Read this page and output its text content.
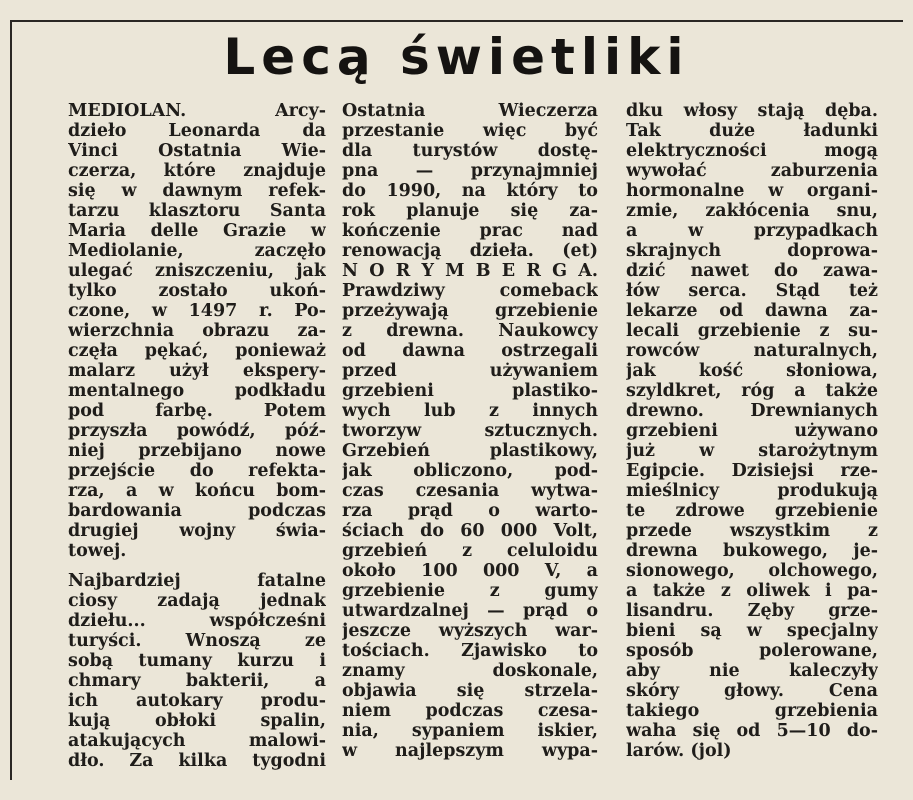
Lecą świetliki
MEDIOLAN.	Arcy-
dzieło Leonarda da
Vinci Ostatnia Wie-
czerza, które znajduje
się w dawnym refek-
tarzu klasztoru Santa
Maria delle Grazie w
Mediolanie,	zaczęło
ulegać zniszczeniu, jak
tylko zostało ukoń-
czone, w 1497 r. Po-
wierzchnia obrazu za-
częła pękać, ponieważ
malarz użył ekspery-
mentalnego	podkładu
pod	farbę.	Potem
przyszła powódź, póź-
niej przebijano nowe
przejście do refekta-
rza, a w końcu bom-
bardowania	podczas
drugiej wojny świa-
towej.
Najbardziej	fatalne
ciosy zadają jednak
dziełu...	współcześni
turyści.	Wnoszą	ze
sobą tumany kurzu i
chmary	bakterii,	a
ich autokary produ-
kują	obłoki	spalin,
atakujących	malowi-
dło. Za kilka tygodni
Ostatnia	Wieczerza
przestanie więc być
dla turystów dostę-
pna — przynajmniej
do 1990, na który to
rok planuje się za-
kończenie prac nad
renowacją dzieła. (et)
N O R Y M B E R G A.
Prawdziwy	comeback
przeżywają	grzebienie
z drewna. Naukowcy
od dawna ostrzegali
przed	używaniem
grzebieni	plastiko-
wych lub z innych
tworzyw	sztucznych.
Grzebień	plastikowy,
jak obliczono, pod-
czas czesania wytwa-
rza prąd o warto-
ściach do 60 000 Volt,
grzebień z celuloidu
około 100 000 V, a
grzebienie	z	gumy
utwardzalnej — prąd o
jeszcze wyższych war-
tościach. Zjawisko to
znamy	doskonale,
objawia się strzela-
niem podczas czesa-
nia, sypaniem iskier,
w najlepszym wypa-
dku włosy stają dęba.
Tak	duże	ładunki
elektryczności	mogą
wywołać	zaburzenia
hormonalne w organi-
zmie, zakłócenia snu,
a	w	przypadkach
skrajnych	doprowa-
dzić nawet do zawa-
łów serca. Stąd też
lekarze od dawna za-
lecali grzebienie z su-
rowców	naturalnych,
jak kość słoniowa,
szyldkret, róg a także
drewno.	Drewnianych
grzebieni	używano
już	w	starożytnym
Egipcie. Dzisiejsi rze-
mieślnicy	produkują
te zdrowe grzebienie
przede wszystkim z
drewna bukowego, je-
sionowego, olchowego,
a także z oliwek i pa-
lisandru. Zęby grze-
bieni są w specjalny
sposób	polerowane,
aby	nie	kaleczyły
skóry	głowy.	Cena
takiego	grzebienia
waha się od 5—10 do-
larów. (jol)
